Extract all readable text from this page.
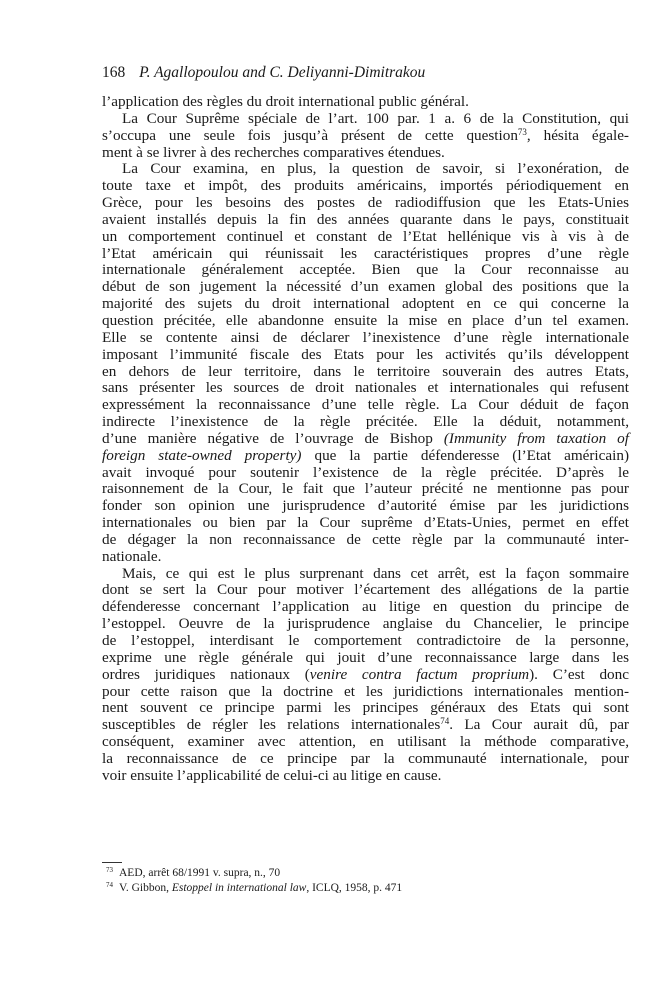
168 P. Agallopoulou and C. Deliyanni-Dimitrakou
l’application des règles du droit international public général.
La Cour Suprême spéciale de l’art. 100 par. 1 a. 6 de la Constitution, qui
s’occupa une seule fois jusqu’à présent de cette question$^{73}$, hésita égale-
ment à se livrer à des recherches comparatives étendues.
La Cour examina, en plus, la question de savoir, si l’exonération, de
toute taxe et impôt, des produits américains, importés périodiquement en
Grèce, pour les besoins des postes de radiodiffusion que les Etats-Unies
avaient installés depuis la fin des années quarante dans le pays, constituait
un comportement continuel et constant de l’Etat hellénique vis à vis à de
l’Etat américain qui réunissait les caractéristiques propres d’une règle
internationale généralement acceptée. Bien que la Cour reconnaisse au
début de son jugement la nécessité d’un examen global des positions que la
majorité des sujets du droit international adoptent en ce qui concerne la
question précitée, elle abandonne ensuite la mise en place d’un tel examen.
Elle se contente ainsi de déclarer l’inexistence d’une règle internationale
imposant l’immunité fiscale des Etats pour les activités qu’ils développent
en dehors de leur territoire, dans le territoire souverain des autres Etats,
sans présenter les sources de droit nationales et internationales qui refusent
expressément la reconnaissance d’une telle règle. La Cour déduit de façon
indirecte l’inexistence de la règle précitée. Elle la déduit, notamment,
d’une manière négative de l’ouvrage de Bishop (Immunity from taxation of
foreign state-owned property) que la partie défenderesse (l’Etat américain)
avait invoqué pour soutenir l’existence de la règle précitée. D’après le
raisonnement de la Cour, le fait que l’auteur précité ne mentionne pas pour
fonder son opinion une jurisprudence d’autorité émise par les juridictions
internationales ou bien par la Cour suprême d’Etats-Unies, permet en effet
de dégager la non reconnaissance de cette règle par la communauté inter-
nationale.
Mais, ce qui est le plus surprenant dans cet arrêt, est la façon sommaire
dont se sert la Cour pour motiver l’écartement des allégations de la partie
défenderesse concernant l’application au litige en question du principe de
l’estoppel. Oeuvre de la jurisprudence anglaise du Chancelier, le principe
de l’estoppel, interdisant le comportement contradictoire de la personne,
exprime une règle générale qui jouit d’une reconnaissance large dans les
ordres juridiques nationaux (venire contra factum proprium). C’est donc
pour cette raison que la doctrine et les juridictions internationales mention-
nent souvent ce principe parmi les principes généraux des Etats qui sont
susceptibles de régler les relations internationales$^{74}$. La Cour aurait dû, par
conséquent, examiner avec attention, en utilisant la méthode comparative,
la reconnaissance de ce principe par la communauté internationale, pour
voir ensuite l’applicabilité de celui-ci au litige en cause.
$^{73}$ AED, arrêt 68/1991 v. supra, n., 70
$^{74}$ V. Gibbon, Estoppel in international law, ICLQ, 1958, p. 471
